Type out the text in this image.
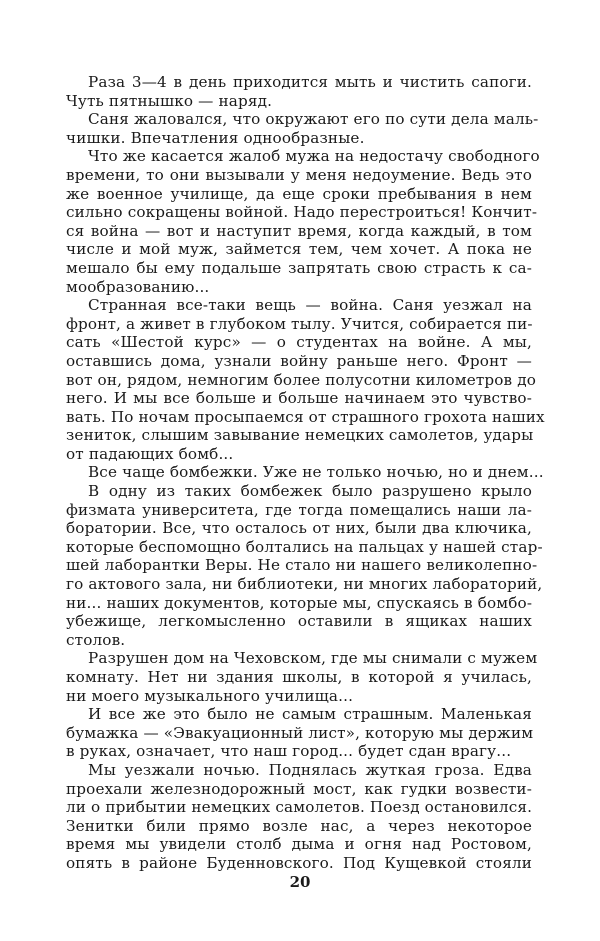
Раза 3—4 в день приходится мыть и чистить сапоги.
Чуть пятнышко — наряд.

Саня жаловался, что окружают его по сути дела маль-
чишки. Впечатления однообразные.

Что же касается жалоб мужа на недостачу свободного
времени, то они вызывали у меня недоумение. Ведь это
же военное училище, да еще сроки пребывания в нем
сильно сокращены войной. Надо перестроиться! Кончит-
ся война — вот и наступит время, когда каждый, в том
числе и мой муж, займется тем, чем хочет. А пока не
мешало бы ему подальше запрятать свою страсть к са-
мообразованию...

Странная все-таки вещь — война. Саня уезжал на
фронт, а живет в глубоком тылу. Учится, собирается пи-
сать «Шестой курс» — о студентах на войне. А мы,
оставшись дома, узнали войну раньше него. Фронт —
вот он, рядом, немногим более полусотни километров до
него. И мы все больше и больше начинаем это чувство-
вать. По ночам просыпаемся от страшного грохота наших
зениток, слышим завывание немецких самолетов, удары
от падающих бомб...

Все чаще бомбежки. Уже не только ночью, но и днем...

В одну из таких бомбежек было разрушено крыло
физмата университета, где тогда помещались наши ла-
боратории. Все, что осталось от них, были два ключика,
которые беспомощно болтались на пальцах у нашей стар-
шей лаборантки Веры. Не стало ни нашего великолепно-
го актового зала, ни библиотеки, ни многих лабораторий,
ни... наших документов, которые мы, спускаясь в бомбо-
убежище, легкомысленно оставили в ящиках наших
столов.

Разрушен дом на Чеховском, где мы снимали с мужем
комнату. Нет ни здания школы, в которой я училась,
ни моего музыкального училища...

И все же это было не самым страшным. Маленькая
бумажка — «Эвакуационный лист», которую мы держим
в руках, означает, что наш город... будет сдан врагу...

Мы уезжали ночью. Поднялась жуткая гроза. Едва
проехали железнодорожный мост, как гудки возвести-
ли о прибытии немецких самолетов. Поезд остановился.
Зенитки били прямо возле нас, а через некоторое
время мы увидели столб дыма и огня над Ростовом,
опять в районе Буденновского. Под Кущевкой стояли

20
